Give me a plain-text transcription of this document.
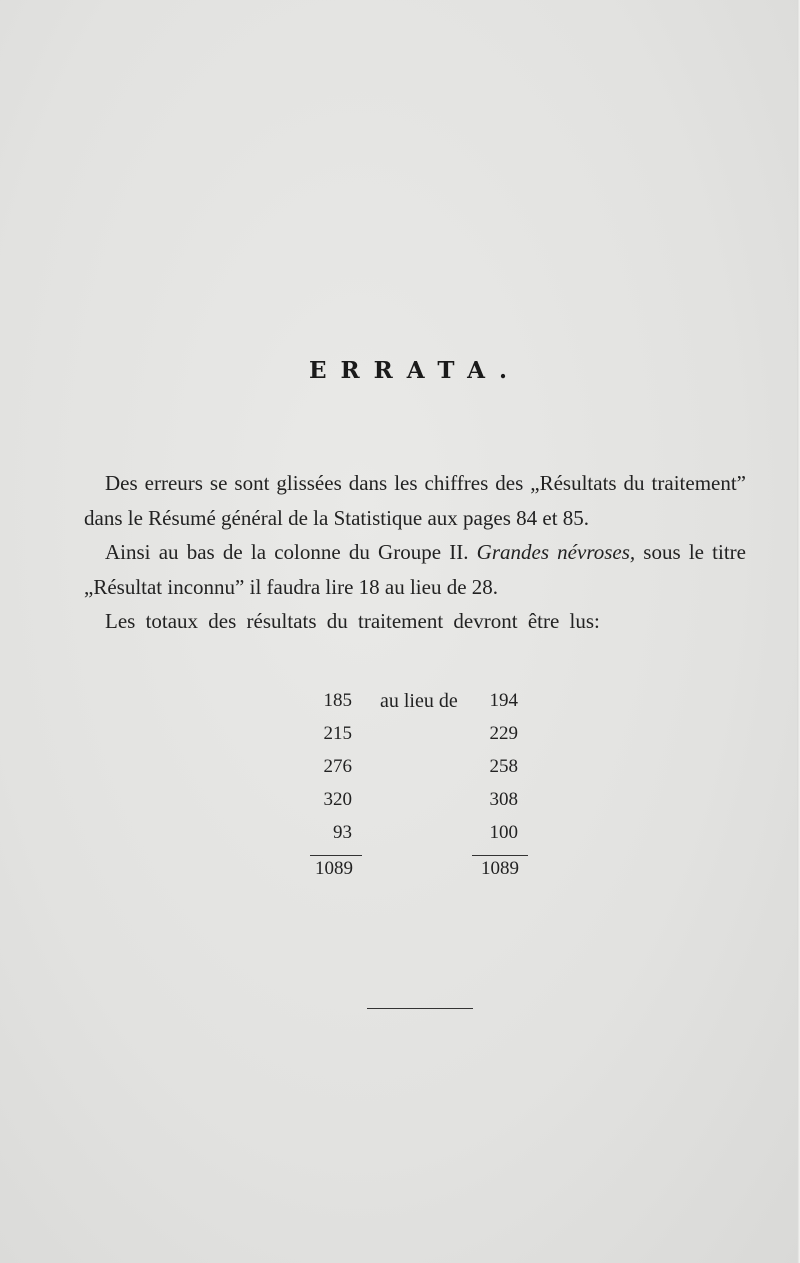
ERRATA.

Des erreurs se sont glissées dans les chiffres des „Résultats du traitement” dans le Résumé général de la Statistique aux pages 84 et 85.

Ainsi au bas de la colonne du Groupe II. Grandes névroses, sous le titre „Résultat inconnu” il faudra lire 18 au lieu de 28.

Les totaux des résultats du traitement devront être lus:

185 au lieu de 194
215	229
276	258
320	308
93	100
1089	1089
